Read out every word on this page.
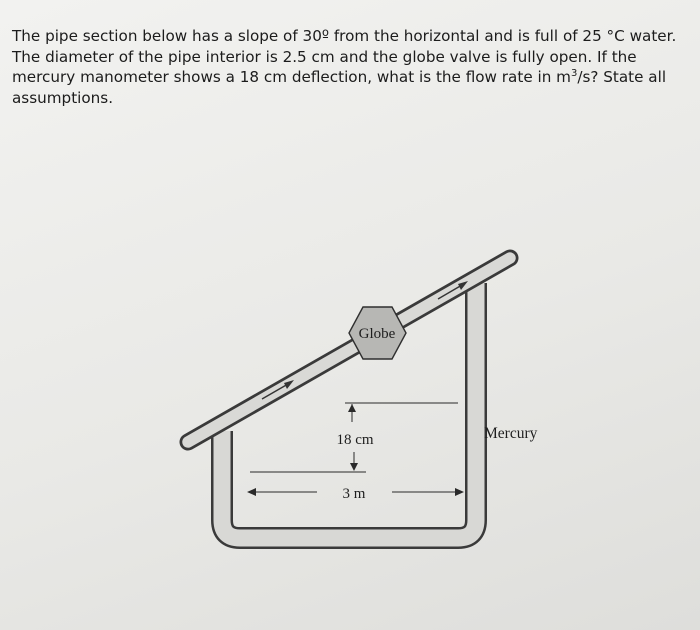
The pipe section below has a slope of 30º from the horizontal and is full of 25 °C water. The diameter of the pipe interior is 2.5 cm and the globe valve is fully open. If the mercury manometer shows a 18 cm deflection, what is the flow rate in $m^3/s$? State all assumptions.

Globe
18 cm
3 m
Mercury
